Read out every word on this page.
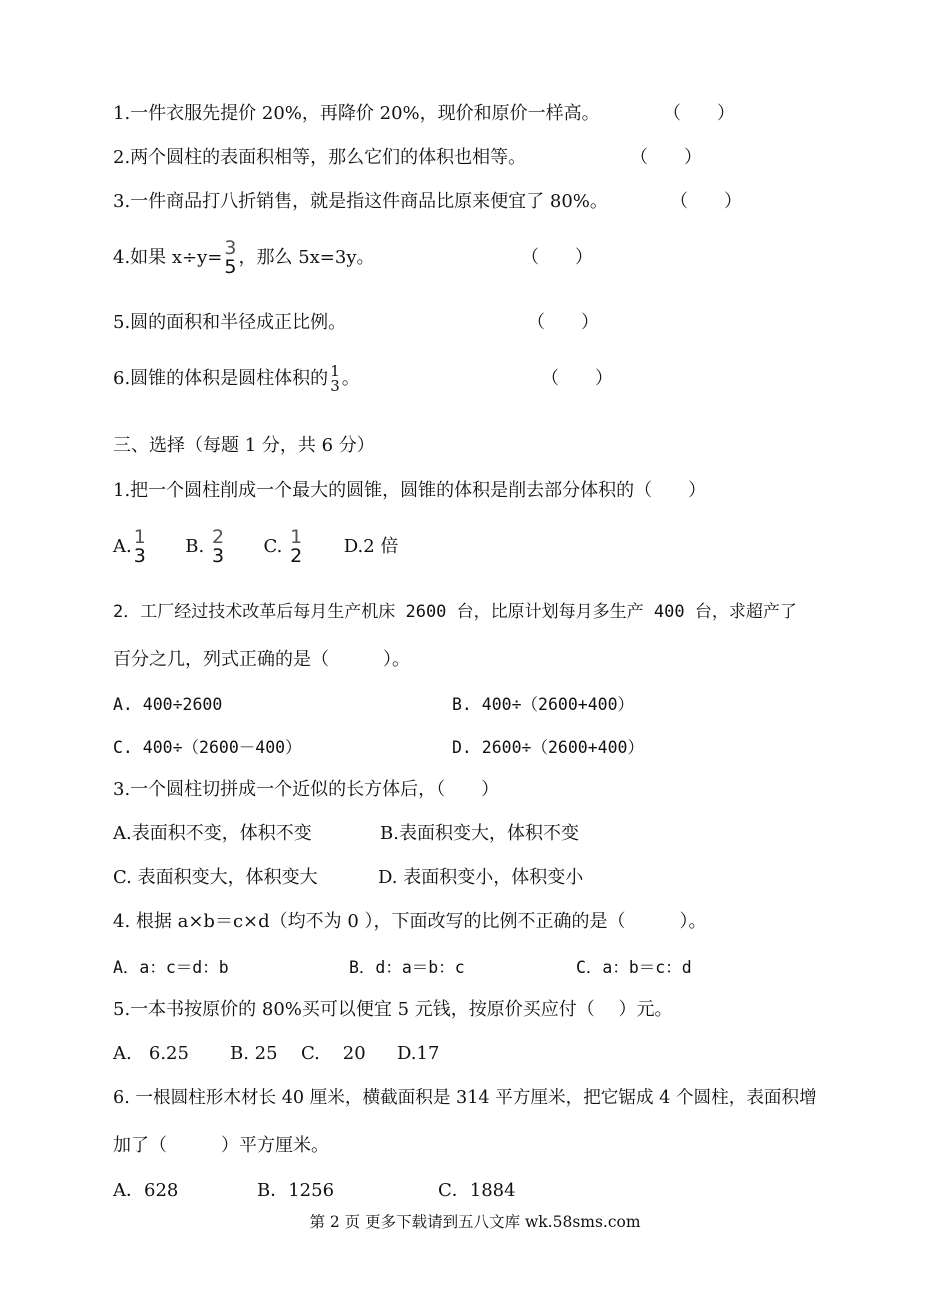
1.一件衣服先提价 20%，再降价 20%，现价和原价一样高。	（　　）
2.两个圆柱的表面积相等，那么它们的体积也相等。	（　　）
3.一件商品打八折销售，就是指这件商品比原来便宜了 80%。	（　　）
4.如果 x÷y= 3
5 ，那么 5x=3y。	（　　）
5.圆的面积和半径成正比例。	（　　）
6.圆锥的体积是圆柱体积的 1
3 。	（　　）
三、选择（每题 1 分，共 6 分）
1.把一个圆柱削成一个最大的圆锥，圆锥的体积是削去部分体积的（　　）
A. 1
3 B. 2
3 C. 1
2 D.2 倍
2．工厂经过技术改革后每月生产机床 2600 台，比原计划每月多生产 400 台，求超产了
百分之几，列式正确的是（　　　）。
A. 400÷2600	B. 400÷（2600+400）
C. 400÷（2600－400）	D. 2600÷（2600+400）
3.一个圆柱切拼成一个近似的长方体后，（　　）
A.表面积不变，体积不变	B.表面积变大，体积不变
C. 表面积变大，体积变大	D. 表面积变小，体积变小
4. 根据 a×b＝c×d（均不为 0 ），下面改写的比例不正确的是（　　　）。
A．a：c＝d：b	B．d：a＝b：c	C．a：b＝c：d
5.一本书按原价的 80%买可以便宜 5 元钱，按原价买应付（　 ）元。
A.   6.25 B. 25 C.    20 D.17
6. 一根圆柱形木材长 40 厘米，横截面积是 314 平方厘米，把它锯成 4 个圆柱，表面积增
加了（　　　）平方厘米。
A．628	B．1256	C．1884
第 2 页 更多下载请到五八文库 wk.58sms.com
